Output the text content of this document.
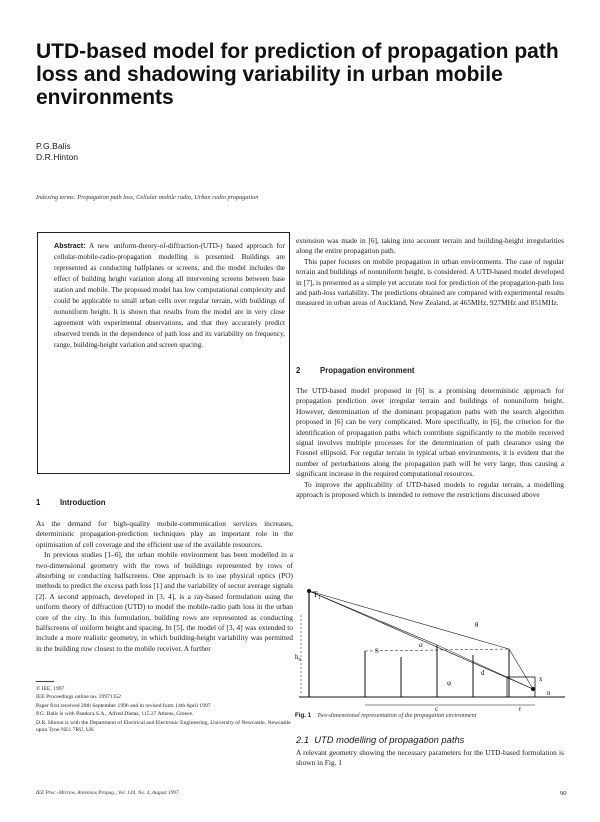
UTD-based model for prediction of propagation path loss and shadowing variability in urban mobile environments
P.G.Balis
D.R.Hinton
Indexing terms: Propagation path loss, Cellular mobile radio, Urban radio propagation
Abstract: A new uniform-theory-of-diffraction-(UTD-) based approach for cellular-mobile-radio-propagation modelling is presented. Buildings are represented as conducting halfplanes or screens, and the model includes the effect of building height variation along all intervening screens between base station and mobile. The proposed model has low computational complexity and could be applicable to small urban cells over regular terrain, with buildings of nonuniform height. It is shown that results from the model are in very close agreement with experimental observations, and that they accurately predict observed trends in the dependence of path loss and its variability on frequency, range, building-height variation and screen spacing.
1	Introduction

As the demand for high-quality mobile-communication services increases, deterministic propagation-prediction techniques play an important role in the optimisation of cell coverage and the efficient use of the available resources.

In previous studies [1–6], the urban mobile environment has been modelled in a two-dimensional geometry with the rows of buildings represented by rows of absorbing or conducting halfscreens. One approach is to use physical optics (PO) methods to predict the excess path loss [1] and the variability of sector average signals [2]. A second approach, developed in [3, 4], is a ray-based formulation using the uniform theory of diffraction (UTD) to model the mobile-radio path loss in the urban core of the city. In this formulation, building rows are represented as conducting halfscreens of uniform height and spacing. In [5], the model of [3, 4] was extended to include a more realistic geometry, in which building-height variability was permitted in the building row closest to the mobile receiver. A further

© IEE, 1997
IEE Proceedings online no. 19971352
Paper first received 20th September 1996 and in revised form 14th April 1997
P.G. Balis is with Pandora S.A., Alfred Dietas, 115 27 Athens, Greece.
D.R. Hinton is with the Department of Electrical and Electronic Engineering, University of Newcastle, Newcastle upon Tyne NE1 7RU, UK

extension was made in [6], taking into account terrain and building-height irregularities along the entire propagation path.

This paper focuses on mobile propagation in urban environments. The case of regular terrain and buildings of nonuniform height, is considered. A UTD-based model developed in [7], is presented as a simple yet accurate tool for prediction of the propagation-path loss and path-loss variability. The predictions obtained are compared with experimental results measured in urban areas of Auckland, New Zealand, at 465MHz, 927MHz and 851MHz.

2	Propagation environment

The UTD-based model proposed in [6] is a promising deterministic approach for propagation prediction over irregular terrain and buildings of nonuniform height. However, determination of the dominant propagation paths with the search algorithm proposed in [6] can be very complicated. More specifically, in [6], the criterion for the identification of propagation paths which contribute significantly to the mobile received signal involves multiple processes for the determination of path clearance using the Fresnel ellipsoid. For regular terrain in typical urban environments, it is evident that the number of perturbations along the propagation path will be very large, thus causing a significant increase in the required computational resources.

To improve the applicability of UTD-based models to regular terrain, a modelling approach is proposed which is intended to remove the restrictions discussed above

$T_1$
$h_b$
S
α
θ
d
φ
c	r
x
n
Fig. 1 Two-dimensional representation of the propagation environment
2.1 UTD modelling of propagation paths
A relevant geometry showing the necessary parameters for the UTD-based formulation is shown in Fig. 1
IEE Proc.-Microw. Antennas Propag., Vol. 144, No. 4, August 1997	90
